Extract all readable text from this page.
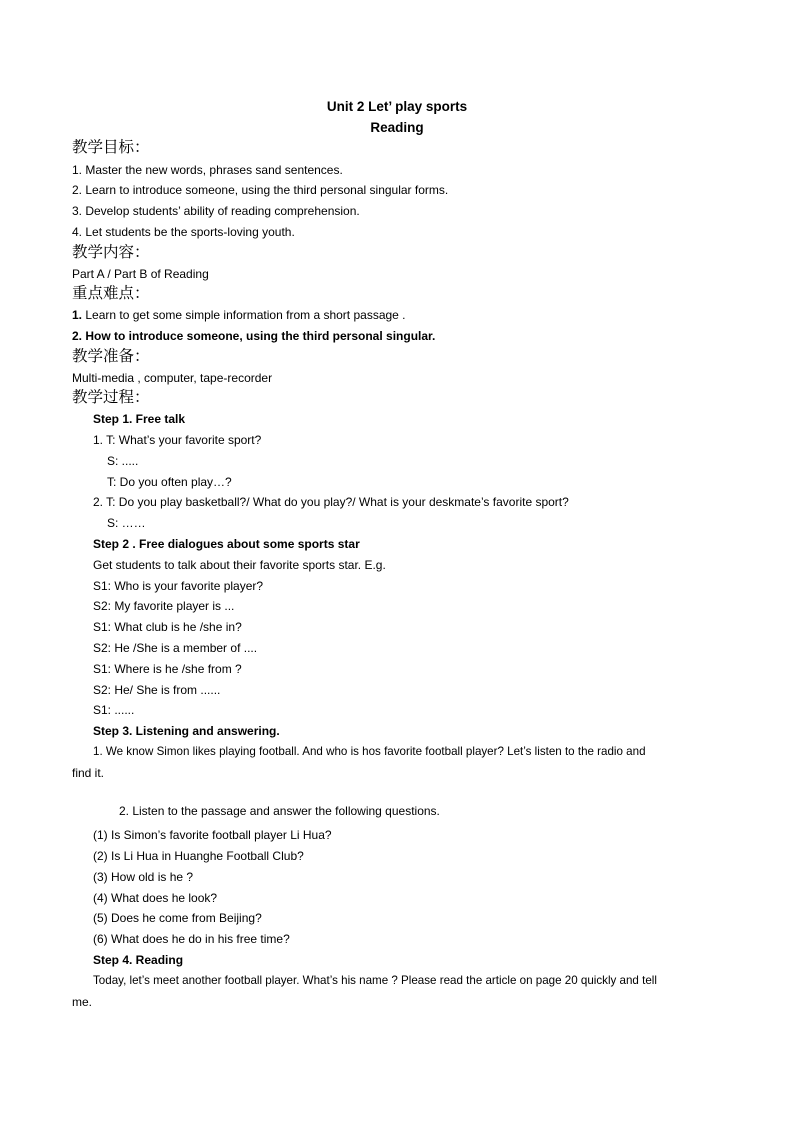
Unit 2 Let’ play sports
Reading
教学目标：
1. Master the new words, phrases sand sentences.
2. Learn to introduce someone, using the third personal singular forms.
3. Develop students’ ability of reading comprehension.
4. Let students be the sports-loving youth.
教学内容：
Part A / Part B of Reading
重点难点：
1. Learn to get some simple information from a short passage .
2. How to introduce someone, using the third personal singular.
教学准备：
Multi-media , computer, tape-recorder
教学过程：
Step 1. Free talk
1. T: What’s your favorite sport?
S: .....
T: Do you often play…?
2. T: Do you play basketball?/ What do you play?/ What is your deskmate’s favorite sport?
S: ……
Step 2 . Free dialogues about some sports star
Get students to talk about their favorite sports star. E.g.
S1: Who is your favorite player?
S2: My favorite player is ...
S1: What club is he /she in?
S2: He /She is a member of ....
S1: Where is he /she from ?
S2: He/ She is from ......
S1: ......
Step 3. Listening and answering.
1. We know Simon likes playing football. And who is hos favorite football player? Let’s listen to the radio and
find it.
2. Listen to the passage and answer the following questions.
(1) Is Simon’s favorite football player Li Hua?
(2) Is Li Hua in Huanghe Football Club?
(3) How old is he ?
(4) What does he look?
(5) Does he come from Beijing?
(6) What does he do in his free time?
Step 4. Reading
Today, let’s meet another football player. What’s his name ? Please read the article on page 20 quickly and tell
me.
